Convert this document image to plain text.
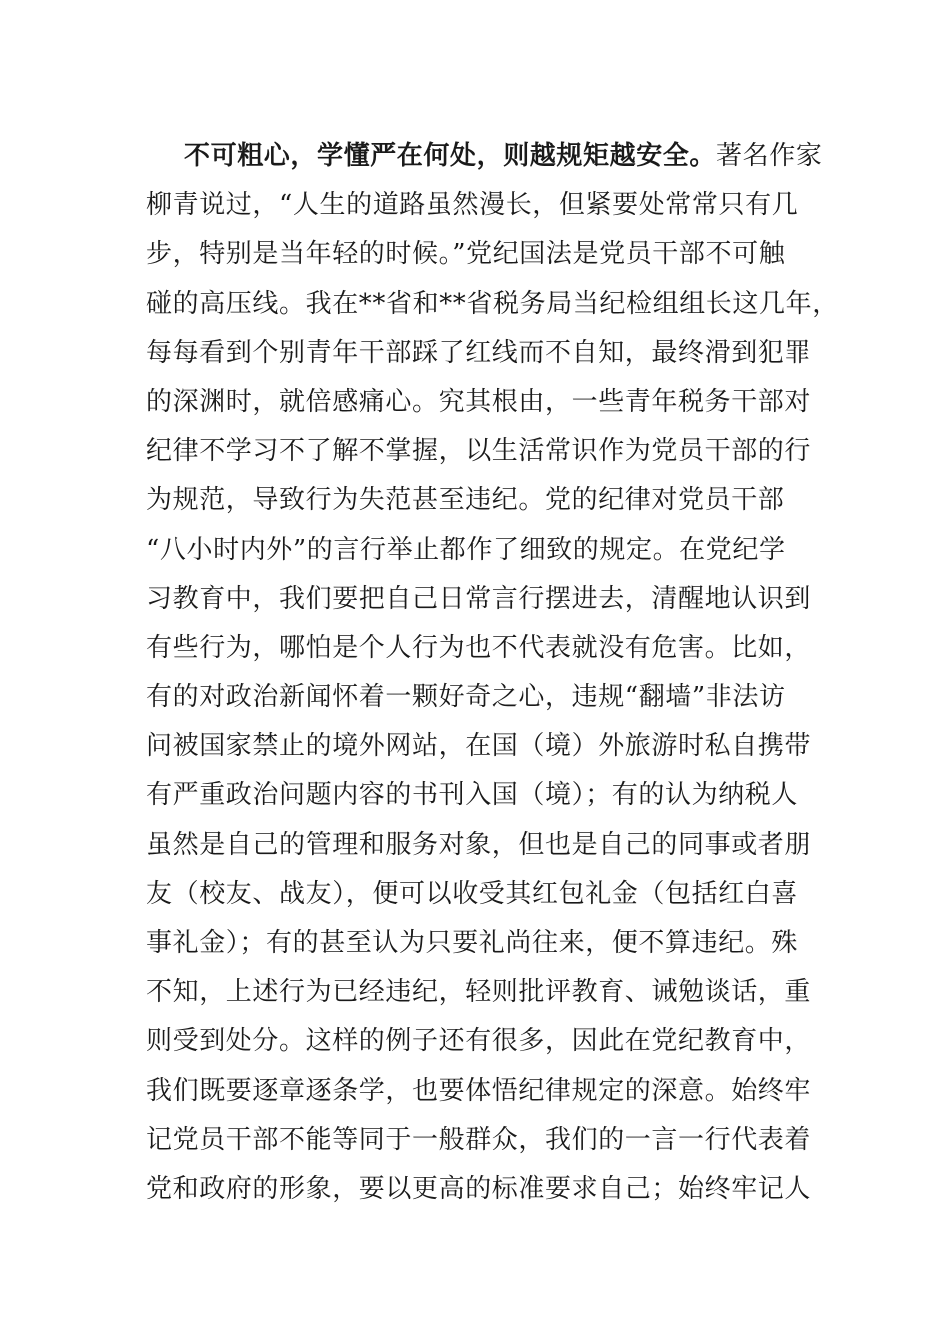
不可粗心，学懂严在何处，则越规矩越安全。著名作家
柳青说过，“人生的道路虽然漫长，但紧要处常常只有几
步，特别是当年轻的时候。”党纪国法是党员干部不可触
碰的高压线。我在**省和**省税务局当纪检组组长这几年，
每每看到个别青年干部踩了红线而不自知，最终滑到犯罪
的深渊时，就倍感痛心。究其根由，一些青年税务干部对
纪律不学习不了解不掌握，以生活常识作为党员干部的行
为规范，导致行为失范甚至违纪。党的纪律对党员干部
“八小时内外”的言行举止都作了细致的规定。在党纪学
习教育中，我们要把自己日常言行摆进去，清醒地认识到
有些行为，哪怕是个人行为也不代表就没有危害。比如，
有的对政治新闻怀着一颗好奇之心，违规“翻墙”非法访
问被国家禁止的境外网站，在国（境）外旅游时私自携带
有严重政治问题内容的书刊入国（境）；有的认为纳税人
虽然是自己的管理和服务对象，但也是自己的同事或者朋
友（校友、战友），便可以收受其红包礼金（包括红白喜
事礼金）；有的甚至认为只要礼尚往来，便不算违纪。殊
不知，上述行为已经违纪，轻则批评教育、诫勉谈话，重
则受到处分。这样的例子还有很多，因此在党纪教育中，
我们既要逐章逐条学，也要体悟纪律规定的深意。始终牢
记党员干部不能等同于一般群众，我们的一言一行代表着
党和政府的形象，要以更高的标准要求自己；始终牢记人
